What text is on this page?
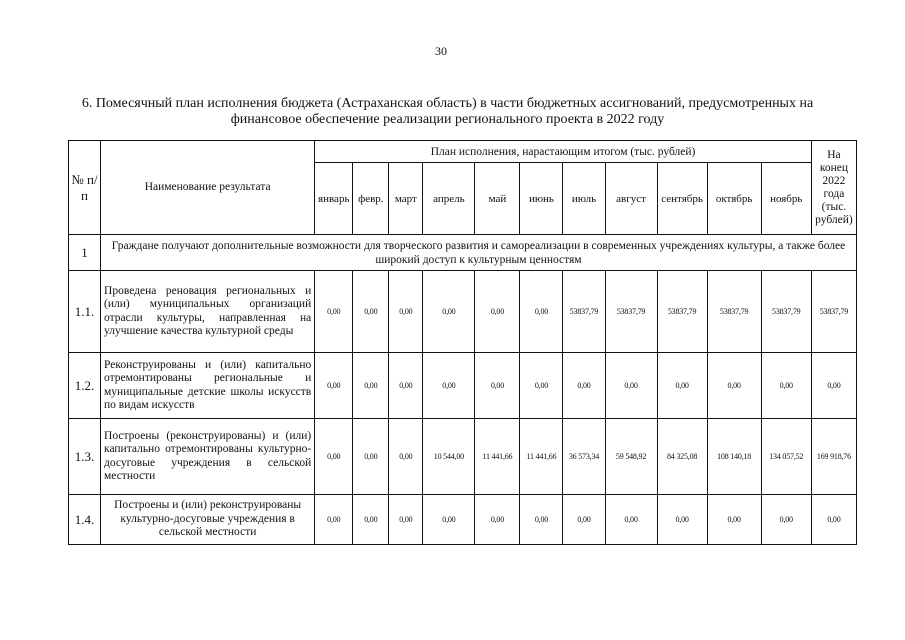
30
6. Помесячный план исполнения бюджета (Астраханская область) в части бюджетных ассигнований, предусмотренных на финансовое обеспечение реализации регионального проекта в 2022 году
№ п/п	Наименование результата	План исполнения, нарастающим итогом (тыс. рублей)											На конец 2022 года (тыс. рублей)
		январь	февр.	март	апрель	май	июнь	июль	август	сентябрь	октябрь	ноябрь	
1	Граждане получают дополнительные возможности для творческого развития и самореализации в современных учреждениях культуры, а также более широкий доступ к культурным ценностям												
1.1.	Проведена реновация региональных и (или) муниципальных организаций отрасли культуры, направленная на улучшение качества культурной среды	0,00	0,00	0,00	0,00	0,00	0,00	53837,79	53837,79	53837,79	53837,79	53837,79	53837,79
1.2.	Реконструированы и (или) капитально отремонтированы региональные и муниципальные детские школы искусств по видам искусств	0,00	0,00	0,00	0,00	0,00	0,00	0,00	0,00	0,00	0,00	0,00	0,00
1.3.	Построены (реконструированы) и (или) капитально отремонтированы культурно-досуговые учреждения в сельской местности	0,00	0,00	0,00	10 544,00	11 441,66	11 441,66	36 573,34	59 548,92	84 325,08	108 140,18	134 057,52	169 918,76
1.4.	Построены и (или) реконструированы культурно-досуговые учреждения в сельской местности	0,00	0,00	0,00	0,00	0,00	0,00	0,00	0,00	0,00	0,00	0,00	0,00
